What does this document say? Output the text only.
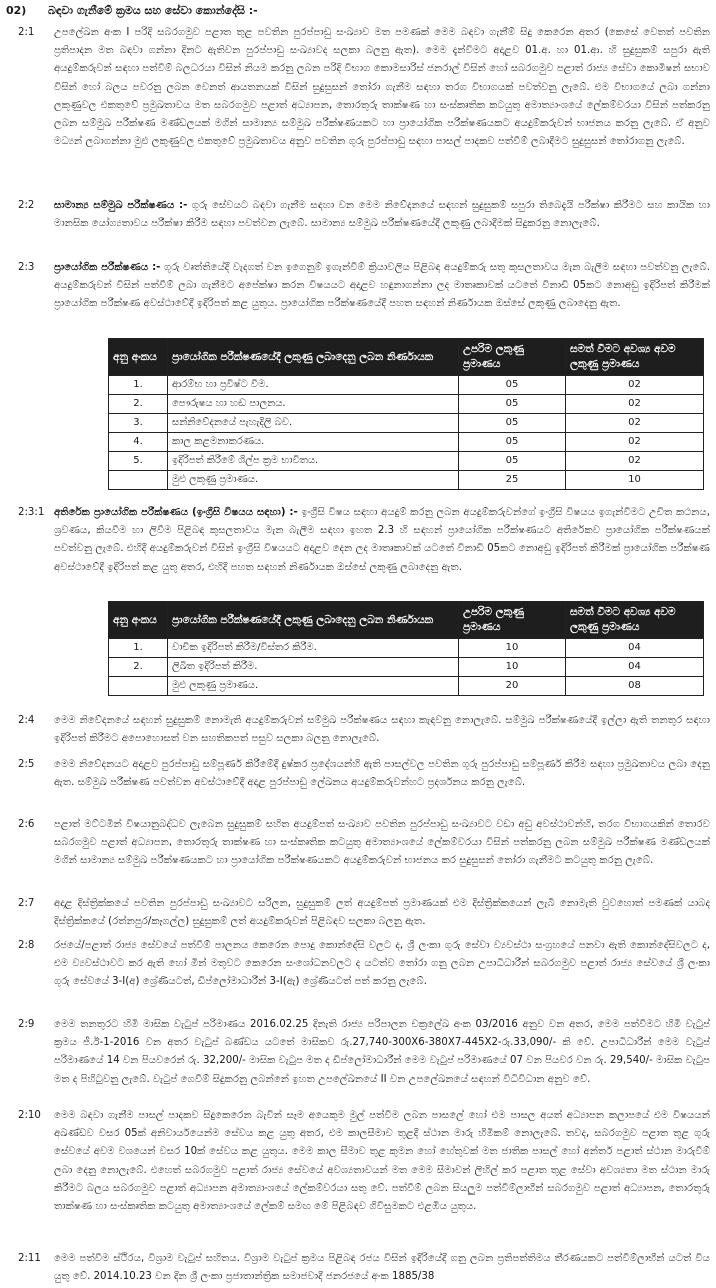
02) බඳවා ගැනීමේ ක්‍රමය සහ සේවා කොන්දේසි :-
2:1	උපලේඛන අංක I පරිදි සබරගමුව පළාත තුළ පවතින පුරප්පාඩු සංඛ්‍යාව මත පමණක් මෙම බඳවා ගැනීම් සිදු කෙරෙන අතර (කෙසේ වෙතත් පවතින ප්‍රතිපාදන මත බඳවා ගන්නා දිනට ඇතිවන පුරප්පාඩු සංඛ්‍යාවද සලකා බලනු ඇත). මෙම දැන්වීමට අදාළව 01.අ. හා 01.ආ. හි සුදුසුකම් සපුරා ඇති අයදුම්කරුවන් සඳහා පත්වීම් බලධරයා විසින් නියම කරනු ලබන පරිදි විභාග කොමසාරිස් ජනරාල් විසින් හෝ සබරගමුව පළාත් රාජ්‍ය සේවා කොමිෂන් සභාව විසින් හෝ බලය පවරනු ලබන වෙනත් ආයතනයක් විසින් සුදුසුසන් තෝරා ගැනීම සඳහා තරග විභාගයක් පවත්වනු ලැබේ. එම විභාගයේ ලබා ගන්නා ලකුණුවල එකතුවේ ප්‍රමුඛතාවය මත සබරගමුව පළාත් අධ්‍යාපන, තොරතුරු තාක්ෂණ හා සංස්කෘතික කටයුතු අමාත්‍යාංශයේ ලේකම්වරයා විසින් පත්කරනු ලබන සම්මුඛ පරීක්ෂණ මණ්ඩලයක් මගින් සාමාන්‍ය සම්මුඛ පරීක්ෂණයකට හා ප්‍රායෝගික පරීක්ෂණයකට අයදුම්කරුවන් භාජනය කරනු ලැබේ. ඒ අනුව මධ්‍යන් ලබාගන්නා මුළු ලකුණුවල එකතුවේ ප්‍රමුඛතාවය අනුව පවතින ගුරු පුරප්පාඩු සඳහා පාසල් පාදකව පත්වීම් ලබාදීමට සුදුසුසන් තෝරාගනු ලැබේ.
2:2	සාමාන්‍ය සම්මුඛ පරීක්ෂණය :- ගුරු සේවයට බඳවා ගැනීම සඳහා වන මෙම නිවේදනයේ සඳහන් සුදුසුකම් සපුරා තිබෙදැයි පරීක්ෂා කිරීමට සහ කායික හා මානසික යෝග්‍යතාවය පරීක්ෂා කිරීම සඳහා පවත්වන ලැබේ. සාමාන්‍ය සම්මුඛ පරීක්ෂණයේදී ලකුණු ලබාදීමක් සිදුකරනු නොලැබේ.
2:3	ප්‍රායෝගික පරීක්ෂණය :- ගුරු වෘත්තියේදී වැදගත් වන ඉගෙනුම් ඉගැන්වීම් ක්‍රියාවලිය පිළිබඳ අයදුම්කරු සතු කුසලතාවය මැන බැලීම සඳහා පවත්වනු ලැබේ. අයදුම්කරුවන් විසින් පත්වීම් ලබා ගැනීමට අපේක්ෂා කරන විෂයයට අදාළව හඳුනාගන්නා ලද මාතෘකාවක් යටතේ විනාඩි 05කට නොඅඩු ඉදිරිපත් කිරීමක් ප්‍රායෝගික පරීක්ෂණ අවස්ථාවේදී ඉදිරිපත් කළ යුතුය. ප්‍රායෝගික පරීක්ෂණයේදී පහත සඳහන් නිර්ණායක ඔස්සේ ලකුණු ලබාදෙනු ඇත.
අනු අංකය	ප්‍රායෝගික පරීක්ෂණයේදී ලකුණු ලබාදෙනු ලබන නිර්ණායක	උපරිම ලකුණු ප්‍රමාණය	සමත් වීමට අවශ්‍ය අවම ලකුණු ප්‍රමාණය
1.	ආරම්භ හා ප්‍රවිෂ්ට වීම.	05	02
2.	පෞරුෂය හා හඬ පාලනය.	05	02
3.	සන්නිවේදනයේ පැහැදිලි බව.	05	02
4.	කාල කළමනාකරණය.	05	02
5.	ඉදිරිපත් කිරීමේ ශිල්ප ක්‍රම භාවිතය.	05	02
	මුළු ලකුණු ප්‍රමාණය.	25	10
2:3:1 අතිරේක ප්‍රායෝගික පරීක්ෂණය (ඉංග්‍රීසි විෂයය සඳහා) :- ඉංග්‍රීසි විෂය සඳහා අයදුම් කරනු ලබන අයදුම්කරුවන්ගේ ඉංග්‍රීසි විෂයය ඉගැන්වීමට උචිත කථනය, ශ්‍රවණය, කියවීම හා ලිවීම පිළිබඳ කුසලතාවය මැන බැලීම සඳහා ඉහත 2.3 හි සඳහන් ප්‍රායෝගික පරීක්ෂණයට අතිරේකව ප්‍රායෝගික පරීක්ෂණයක් පවත්වනු ලැබේ. එහිදී අයදුම්කරුවන් විසින් ඉංග්‍රීසි විෂයයට අදාළව දෙන ලද මාතෘකාවක් යටතේ විනාඩි 05කට නොඅඩු ඉදිරිපත් කිරීමක් ප්‍රායෝගික පරීක්ෂණ අවස්ථාවේදී ඉදිරිපත් කළ යුතු අතර, එහිදී පහත සඳහන් නිර්ණායක ඔස්සේ ලකුණු ලබාදෙනු ඇත.
අනු අංකය	ප්‍රායෝගික පරීක්ෂණයේදී ලකුණු ලබාදෙනු ලබන නිර්ණායක	උපරිම ලකුණු ප්‍රමාණය	සමත් වීමට අවශ්‍ය අවම ලකුණු ප්‍රමාණය
1.	වාචික ඉදිරිපත් කිරීම/විස්තර කිරීම.	10	04
2.	ලිඛිත ඉදිරිපත් කිරීම.	10	04
	මුළු ලකුණු ප්‍රමාණය.	20	08
2:4	මෙම නිවේදනයේ සඳහන් සුදුසුකම් නොමැති අයදුම්කරුවන් සම්මුඛ පරීක්ෂණය සඳහා කැඳවනු නොලැබේ. සම්මුඛ පරීක්ෂණයේදී ඉල්ලා ඇති තනතුර සඳහා ඉදිරිපත් කිරීමට අපොහොසත් වන සහතිකපත් පසුව සලකා බලනු නොලැබේ.
2:5	මෙම නිවේදනයට අදාළව පුරප්පාඩු සම්පූර්ණ කිරීමේදී දුෂ්කර ප්‍රදේශයන්හි ඇති පාසල්වල පවතින ගුරු පුරප්පාඩු සම්පූර්ණ කිරීම සඳහා ප්‍රමුඛතාවය ලබා දෙනු ඇත. සම්මුඛ පරීක්ෂණ පවත්වන අවස්ථාවේදී අදාළ පුරප්පාඩු ලේඛනය අයදුම්කරුවන්හට ප්‍රදර්ශනය කරනු ලැබේ.
2:6	පළාත් මට්ටමින් විෂයානුබද්ධව ලැබෙන සුදුසුකම් සහිත අයදුම්පත් සංඛ්‍යාව පවතින පුරප්පාඩු සංඛ්‍යාවට වඩා අඩු අවස්ථාවන්හි, තරග විභාගයකින් තොරව සබරගමුව පළාත් අධ්‍යාපන, තොරතුරු තාක්ෂණ හා සංස්කෘතික කටයුතු අමාත්‍යාංශයේ ලේකම්වරයා විසින් පත්කරනු ලබන සම්මුඛ පරීක්ෂණ මණ්ඩලයක් මගින් සාමාන්‍ය සම්මුඛ පරීක්ෂණයකට හා ප්‍රායෝගික පරීක්ෂණයකට අයදුම්කරුවන් භාජනය කර සුදුසුසන් තෝරා ගැනීමට කටයුතු කරනු ලැබේ.
2:7	අදාළ දිස්ත්‍රික්කයේ පවතින පුරප්පාඩු සංඛ්‍යාවට සරිලන, සුදුසුකම් ලත් අයදුම්පත් ප්‍රමාණයක් එම දිස්ත්‍රික්කයෙන් ලැබී නොමැති වුවහොත් පමණක් යාබද දිස්ත්‍රික්කයේ (රත්නපුර/කෑගල්ල) සුදුසුකම් ලත් අයදුම්කරුවන් පිළිබඳව සලකා බලනු ඇත.
2:8	රජයේ/පළාත් රාජ්‍ය සේවයේ පත්වීම් පාලනය කෙරෙන පොදු කොන්දේසි වලට ද, ශ්‍රී ලංකා ගුරු සේවා ව්‍යවස්ථා සංග්‍රහයේ පනවා ඇති කොන්දේසිවලට ද, එම ව්‍යවස්ථාවට කර ඇති හෝ මින් මතුවට කෙරෙන සංශෝධනවලට ද යටත්ව තෝරා ගනු ලබන උපාධිධාරීන් සබරගමුව පළාත් රාජ්‍ය සේවයේ ශ්‍රී ලංකා ගුරු සේවයේ 3-I(අ) ශ්‍රේණියටත්, ඩිප්ලෝමාධාරීන් 3-I(ඇ) ශ්‍රේණියටත් පත් කරනු ලැබේ.
2:9	මෙම තනතුරට හිමි මාසික වැටුප් පරිමාණය 2016.02.25 දිනැති රාජ්‍ය පරිපාලන චක්‍රලේඛ අංක 03/2016 අනුව වන අතර, මෙම පත්වීමට හිමි වැටුප් ක්‍රමය ජී.ඊ-1-2016 වන අතර වැටුප් බණ්ඩය යටතේ මාසිකව රු.27,740-300X6-380X7-445X2-රු.33,090/- කි වේ. උපාධිධාරීන් මෙම වැටුප් පරිමාණයේ 14 වන පියවරෙන් රු. 32,200/- මාසික වැටුප මත ද ඩිප්ලෝමාධාරීන් මෙම වැටුප් පරිමාණයේ 07 වන පියවර වන රු. 29,540/- මාසික වැටුප මත ද පිහිටුවනු ලැබේ. වැටුප් ගෙවීම් සිදුකරනු ලබන්නේ ඉහත උපලේඛනයේ II වන උපලේඛනයේ සඳහන් විධිවිධාන අනුව වේ.
2:10	මෙම බඳවා ගැනීම පාසල් පාදකව සිදුකෙරෙන බැවින් සෑම අයෙකුම මුල් පත්වීම ලබන පාසලේ හෝ එම පාසල අයත් අධ්‍යාපන කලාපයේ එම විෂයයන් අඛණ්ඩව වසර 05ක් අනිවාර්යයෙන්ම සේවය කළ යුතු අතර, එම කාලසීමාව තුළදී ස්ථාන මාරු හිමිකම් නොලැබේ. තවද, සබරගමුව පළාත තුළ ගුරු සේවයේ අවම වශයෙන් වසර 10ක් සේවය කළ යුතුය. මෙම කාල සීමාව තුළ කුමන හෝ හේතුවක් මත ජාතික පාසල් හෝ අන්තර් පළාත් ස්ථාන මාරුවීම් ලබා දෙනු නොලැබේ. එහෙත් සබරගමුව පළාත් රාජ්‍ය සේවයේ අවශ්‍යතාවයන් මත මෙම සීමාවන් ලිහිල් කර පළාත තුළ සේවා අවශ්‍යතා මත ස්ථාන මාරු කිරීමට බලය සබරගමුව පළාත් අධ්‍යාපන අමාත්‍යාංශයේ ලේකම්වරයා සතු වේ. පත්වීම් ලබන සියලුම පත්වීම්ලාභීන් සබරගමුව පළාත් අධ්‍යාපන, තොරතුරු තාක්ෂණ හා සංස්කෘතික කටයුතු අමාත්‍යාංශයේ ලේකම් සමඟ මේ පිළිබඳව ගිවිසුමකට එළඹිය යුතුය.
2:11	මෙම පත්වීම ස්ථිරය, විශ්‍රාම වැටුප් සහිතය. විශ්‍රාම වැටුප් ක්‍රමය පිළිබඳ රජය විසින් ඉදිරියේදී ගනු ලබන ප්‍රතිපත්තිමය තීරණයකට පත්වීම්ලාභීන් යටත් විය යුතු වේ. 2014.10.23 වන දින ශ්‍රී ලංකා ප්‍රජාතාන්ත්‍රික සමාජවාදී ජනරජයේ අංක 1885/38
